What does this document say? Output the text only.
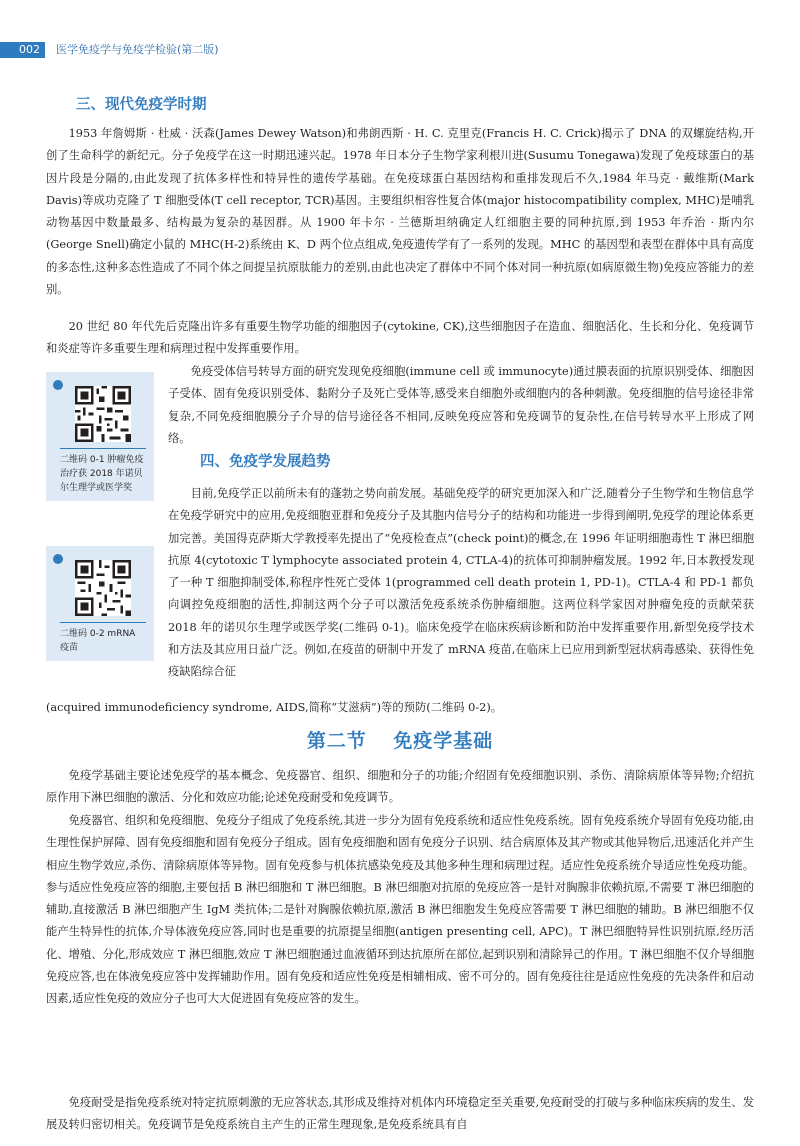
002	医学免疫学与免疫学检验(第二版)
三、现代免疫学时期

1953 年詹姆斯 · 杜威 · 沃森(James Dewey Watson)和弗朗西斯 · H. C. 克里克(Francis H. C. Crick)揭示了 DNA 的双螺旋结构,开创了生命科学的新纪元。分子免疫学在这一时期迅速兴起。1978 年日本分子生物学家利根川进(Susumu Tonegawa)发现了免疫球蛋白的基因片段是分隔的,由此发现了抗体多样性和特异性的遗传学基础。在免疫球蛋白基因结构和重排发现后不久,1984 年马克 · 戴维斯(Mark Davis)等成功克隆了 T 细胞受体(T cell receptor, TCR)基因。主要组织相容性复合体(major histocompatibility complex, MHC)是哺乳动物基因中数量最多、结构最为复杂的基因群。从 1900 年卡尔 · 兰德斯坦纳确定人红细胞主要的同种抗原,到 1953 年乔治 · 斯内尔(George Snell)确定小鼠的 MHC(H-2)系统由 K、D 两个位点组成,免疫遗传学有了一系列的发现。MHC 的基因型和表型在群体中具有高度的多态性,这种多态性造成了不同个体之间提呈抗原肽能力的差别,由此也决定了群体中不同个体对同一种抗原(如病原微生物)免疫应答能力的差别。

20 世纪 80 年代先后克隆出许多有重要生物学功能的细胞因子(cytokine, CK),这些细胞因子在造血、细胞活化、生长和分化、免疫调节和炎症等许多重要生理和病理过程中发挥重要作用。

免疫受体信号转导方面的研究发现免疫细胞(immune cell 或 immunocyte)通过膜表面的抗原识别受体、细胞因子受体、固有免疫识别受体、黏附分子及死亡受体等,感受来自细胞外或细胞内的各种刺激。免疫细胞的信号途径非常复杂,不同免疫细胞膜分子介导的信号途径各不相同,反映免疫应答和免疫调节的复杂性,在信号转导水平上形成了网络。

四、免疫学发展趋势

目前,免疫学正以前所未有的蓬勃之势向前发展。基础免疫学的研究更加深入和广泛,随着分子生物学和生物信息学在免疫学研究中的应用,免疫细胞亚群和免疫分子及其胞内信号分子的结构和功能进一步得到阐明,免疫学的理论体系更加完善。美国得克萨斯大学教授率先提出了“免疫检查点”(check point)的概念,在 1996 年证明细胞毒性 T 淋巴细胞抗原 4(cytotoxic T lymphocyte associated protein 4, CTLA-4)的抗体可抑制肿瘤发展。1992 年,日本教授发现了一种 T 细胞抑制受体,称程序性死亡受体 1(programmed cell death protein 1, PD-1)。CTLA-4 和 PD-1 都负向调控免疫细胞的活性,抑制这两个分子可以激活免疫系统杀伤肿瘤细胞。这两位科学家因对肿瘤免疫的贡献荣获 2018 年的诺贝尔生理学或医学奖(二维码 0-1)。临床免疫学在临床疾病诊断和防治中发挥重要作用,新型免疫学技术和方法及其应用日益广泛。例如,在疫苗的研制中开发了 mRNA 疫苗,在临床上已应用到新型冠状病毒感染、获得性免疫缺陷综合征

(acquired immunodeficiency syndrome, AIDS,简称“艾滋病”)等的预防(二维码 0-2)。

二维码 0-1 肿瘤免疫治疗获 2018 年诺贝尔生理学或医学奖
二维码 0-2 mRNA 疫苗
第二节 免疫学基础

免疫学基础主要论述免疫学的基本概念、免疫器官、组织、细胞和分子的功能;介绍固有免疫细胞识别、杀伤、清除病原体等异物;介绍抗原作用下淋巴细胞的激活、分化和效应功能;论述免疫耐受和免疫调节。

免疫器官、组织和免疫细胞、免疫分子组成了免疫系统,其进一步分为固有免疫系统和适应性免疫系统。固有免疫系统介导固有免疫功能,由生理性保护屏障、固有免疫细胞和固有免疫分子组成。固有免疫细胞和固有免疫分子识别、结合病原体及其产物或其他异物后,迅速活化并产生相应生物学效应,杀伤、清除病原体等异物。固有免疫参与机体抗感染免疫及其他多种生理和病理过程。适应性免疫系统介导适应性免疫功能。参与适应性免疫应答的细胞,主要包括 B 淋巴细胞和 T 淋巴细胞。B 淋巴细胞对抗原的免疫应答一是针对胸腺非依赖抗原,不需要 T 淋巴细胞的辅助,直接激活 B 淋巴细胞产生 IgM 类抗体;二是针对胸腺依赖抗原,激活 B 淋巴细胞发生免疫应答需要 T 淋巴细胞的辅助。B 淋巴细胞不仅能产生特异性的抗体,介导体液免疫应答,同时也是重要的抗原提呈细胞(antigen presenting cell, APC)。T 淋巴细胞特异性识别抗原,经历活化、增殖、分化,形成效应 T 淋巴细胞,效应 T 淋巴细胞通过血液循环到达抗原所在部位,起到识别和清除异己的作用。T 淋巴细胞不仅介导细胞免疫应答,也在体液免疫应答中发挥辅助作用。固有免疫和适应性免疫是相辅相成、密不可分的。固有免疫往往是适应性免疫的先决条件和启动因素,适应性免疫的效应分子也可大大促进固有免疫应答的发生。

免疫耐受是指免疫系统对特定抗原刺激的无应答状态,其形成及维持对机体内环境稳定至关重要,免疫耐受的打破与多种临床疾病的发生、发展及转归密切相关。免疫调节是免疫系统自主产生的正常生理现象,是免疫系统具有自
